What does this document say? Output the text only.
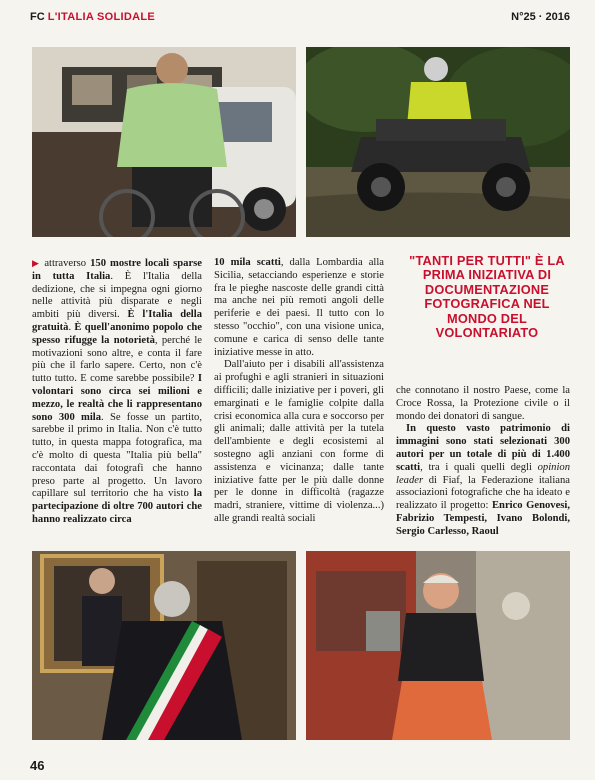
FC L'ITALIA SOLIDALE	N°25 · 2016
▶ attraverso 150 mostre locali sparse in tutta Italia. È l'Italia della dedizione, che si impegna ogni giorno nelle attività più disparate e negli ambiti più diversi. È l'Italia della gratuità. È quell'anonimo popolo che spesso rifugge la notorietà, perché le motivazioni sono altre, e conta il fare più che il farlo sapere. Certo, non c'è tutto tutto. E come sarebbe possibile? I volontari sono circa sei milioni e mezzo, le realtà che li rappresentano sono 300 mila. Se fosse un partito, sarebbe il primo in Italia. Non c'è tutto tutto, in questa mappa fotografica, ma c'è molto di questa "Italia più bella" raccontata dai fotografi che hanno preso parte al progetto. Un lavoro capillare sul territorio che ha visto la partecipazione di oltre 700 autori che hanno realizzato circa
10 mila scatti, dalla Lombardia alla Sicilia, setacciando esperienze e storie fra le pieghe nascoste delle grandi città ma anche nei più remoti angoli delle periferie e dei paesi. Il tutto con lo stesso "occhio", con una visione unica, comune e carica di senso delle tante iniziative messe in atto.
Dall'aiuto per i disabili all'assistenza ai profughi e agli stranieri in situazioni difficili; dalle iniziative per i poveri, gli emarginati e le famiglie colpite dalla crisi economica alla cura e soccorso per gli animali; dalle attività per la tutela dell'ambiente e degli ecosistemi al sostegno agli anziani con forme di assistenza e vicinanza; dalle tante iniziative fatte per le più dalle donne per le donne in difficoltà (ragazze madri, straniere, vittime di violenza...) alle grandi realtà sociali
"TANTI PER TUTTI" È LA PRIMA INIZIATIVA DI DOCUMENTAZIONE FOTOGRAFICA NEL MONDO DEL VOLONTARIATO
che connotano il nostro Paese, come la Croce Rossa, la Protezione civile o il mondo dei donatori di sangue.
In questo vasto patrimonio di immagini sono stati selezionati 300 autori per un totale di più di 1.400 scatti, tra i quali quelli degli opinion leader di Fiaf, la Federazione italiana associazioni fotografiche che ha ideato e realizzato il progetto: Enrico Genovesi, Fabrizio Tempesti, Ivano Bolondi, Sergio Carlesso, Raoul
46
